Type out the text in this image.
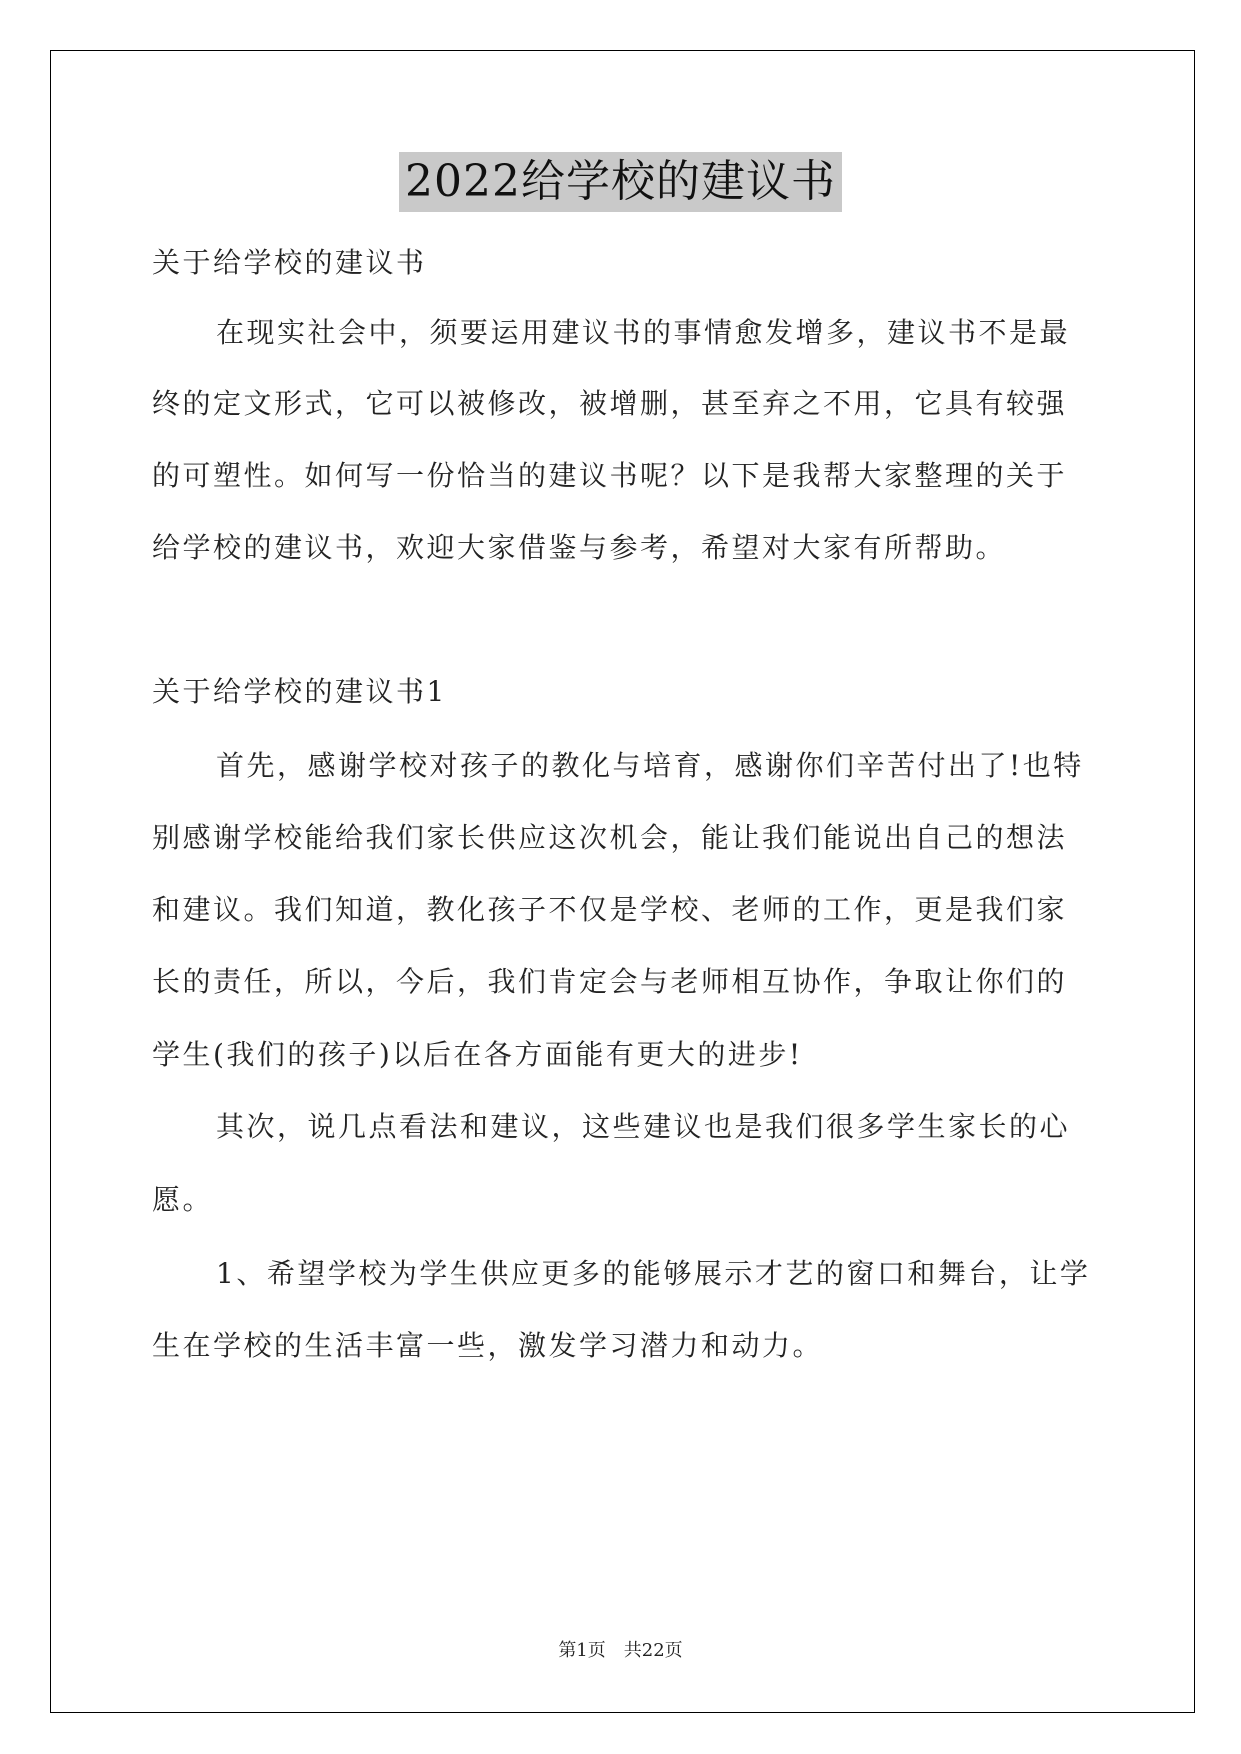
2022给学校的建议书
关于给学校的建议书
在现实社会中，须要运用建议书的事情愈发增多，建议书不是最
终的定文形式，它可以被修改，被增删，甚至弃之不用，它具有较强
的可塑性。如何写一份恰当的建议书呢？以下是我帮大家整理的关于
给学校的建议书，欢迎大家借鉴与参考，希望对大家有所帮助。
关于给学校的建议书1
首先，感谢学校对孩子的教化与培育，感谢你们辛苦付出了!也特
别感谢学校能给我们家长供应这次机会，能让我们能说出自己的想法
和建议。我们知道，教化孩子不仅是学校、老师的工作，更是我们家
长的责任，所以，今后，我们肯定会与老师相互协作，争取让你们的
学生(我们的孩子)以后在各方面能有更大的进步!
其次，说几点看法和建议，这些建议也是我们很多学生家长的心
愿。
1、希望学校为学生供应更多的能够展示才艺的窗口和舞台，让学
生在学校的生活丰富一些，激发学习潜力和动力。
第1页 共22页
